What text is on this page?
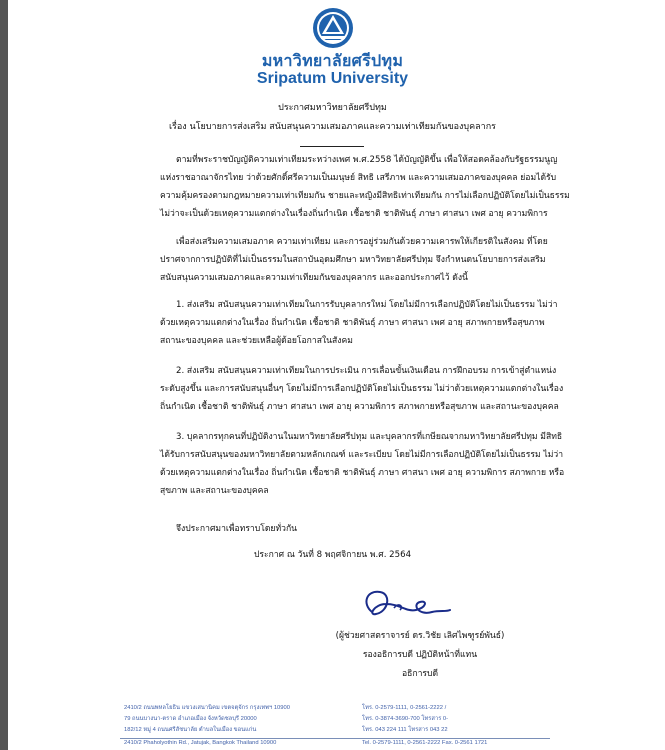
มหาวิทยาลัยศรีปทุม
Sripatum University
ประกาศมหาวิทยาลัยศรีปทุม
เรื่อง นโยบายการส่งเสริม สนับสนุนความเสมอภาคและความเท่าเทียมกันของบุคลากร

ตามที่พระราชบัญญัติความเท่าเทียมระหว่างเพศ พ.ศ.2558 ได้บัญญัติขึ้น เพื่อให้สอดคล้องกับรัฐธรรมนูญแห่งราชอาณาจักรไทย ว่าด้วยศักดิ์ศรีความเป็นมนุษย์ สิทธิ เสรีภาพ และความเสมอภาคของบุคคล ย่อมได้รับความคุ้มครองตามกฎหมายความเท่าเทียมกัน ชายและหญิงมีสิทธิเท่าเทียมกัน การไม่เลือกปฏิบัติโดยไม่เป็นธรรม ไม่ว่าจะเป็นด้วยเหตุความแตกต่างในเรื่องถิ่นกำเนิด เชื้อชาติ ชาติพันธุ์ ภาษา ศาสนา เพศ อายุ ความพิการ

เพื่อส่งเสริมความเสมอภาค ความเท่าเทียม และการอยู่ร่วมกันด้วยความเคารพให้เกียรติในสังคม ที่โดยปราศจากการปฏิบัติที่ไม่เป็นธรรมในสถาบันอุดมศึกษา มหาวิทยาลัยศรีปทุม จึงกำหนดนโยบายการส่งเสริม สนับสนุนความเสมอภาคและความเท่าเทียมกันของบุคลากร และออกประกาศไว้ ดังนี้

1. ส่งเสริม สนับสนุนความเท่าเทียมในการรับบุคลากรใหม่ โดยไม่มีการเลือกปฏิบัติโดยไม่เป็นธรรม ไม่ว่าด้วยเหตุความแตกต่างในเรื่อง ถิ่นกำเนิด เชื้อชาติ ชาติพันธุ์ ภาษา ศาสนา เพศ อายุ สภาพกายหรือสุขภาพ สถานะของบุคคล และช่วยเหลือผู้ด้อยโอกาสในสังคม

2. ส่งเสริม สนับสนุนความเท่าเทียมในการประเมิน การเลื่อนขั้นเงินเดือน การฝึกอบรม การเข้าสู่ตำแหน่งระดับสูงขึ้น และการสนับสนุนอื่นๆ โดยไม่มีการเลือกปฏิบัติโดยไม่เป็นธรรม ไม่ว่าด้วยเหตุความแตกต่างในเรื่องถิ่นกำเนิด เชื้อชาติ ชาติพันธุ์ ภาษา ศาสนา เพศ อายุ ความพิการ สภาพกายหรือสุขภาพ และสถานะของบุคคล

3. บุคลากรทุกคนที่ปฏิบัติงานในมหาวิทยาลัยศรีปทุม และบุคลากรที่เกษียณจากมหาวิทยาลัยศรีปทุม มีสิทธิได้รับการสนับสนุนของมหาวิทยาลัยตามหลักเกณฑ์ และระเบียบ โดยไม่มีการเลือกปฏิบัติโดยไม่เป็นธรรม ไม่ว่าด้วยเหตุความแตกต่างในเรื่อง ถิ่นกำเนิด เชื้อชาติ ชาติพันธุ์ ภาษา ศาสนา เพศ อายุ ความพิการ สภาพกาย หรือสุขภาพ และสถานะของบุคคล

จึงประกาศมาเพื่อทราบโดยทั่วกัน

ประกาศ ณ วันที่ 8 พฤศจิกายน พ.ศ. 2564
(ผู้ช่วยศาสตราจารย์ ดร.วิชัย เลิศไพฑูรย์พันธ์)
รองอธิการบดี ปฏิบัติหน้าที่แทน
อธิการบดี
2410/2 ถนนพหลโยธิน แขวงเสนานิคม เขตจตุจักร กรุงเทพฯ 10900
79 ถนนบางนา-ตราด อำเภอเมือง จังหวัดชลบุรี 20000
182/12 หมู่ 4 ถนนศรีสัชนาลัย ตำบลในเมือง ขอนแก่น
2410/2 Phaholyothin Rd., Jatujak, Bangkok Thailand 10900
โทร. 0-2579-1111, 0-2561-2222 /
โทร. 0-3874-3690-700 โทรสาร 0-
โทร. 043 224 111 โทรสาร 043 22
Tel. 0-2579-1111, 0-2561-2222 Fax. 0-2561 1721
